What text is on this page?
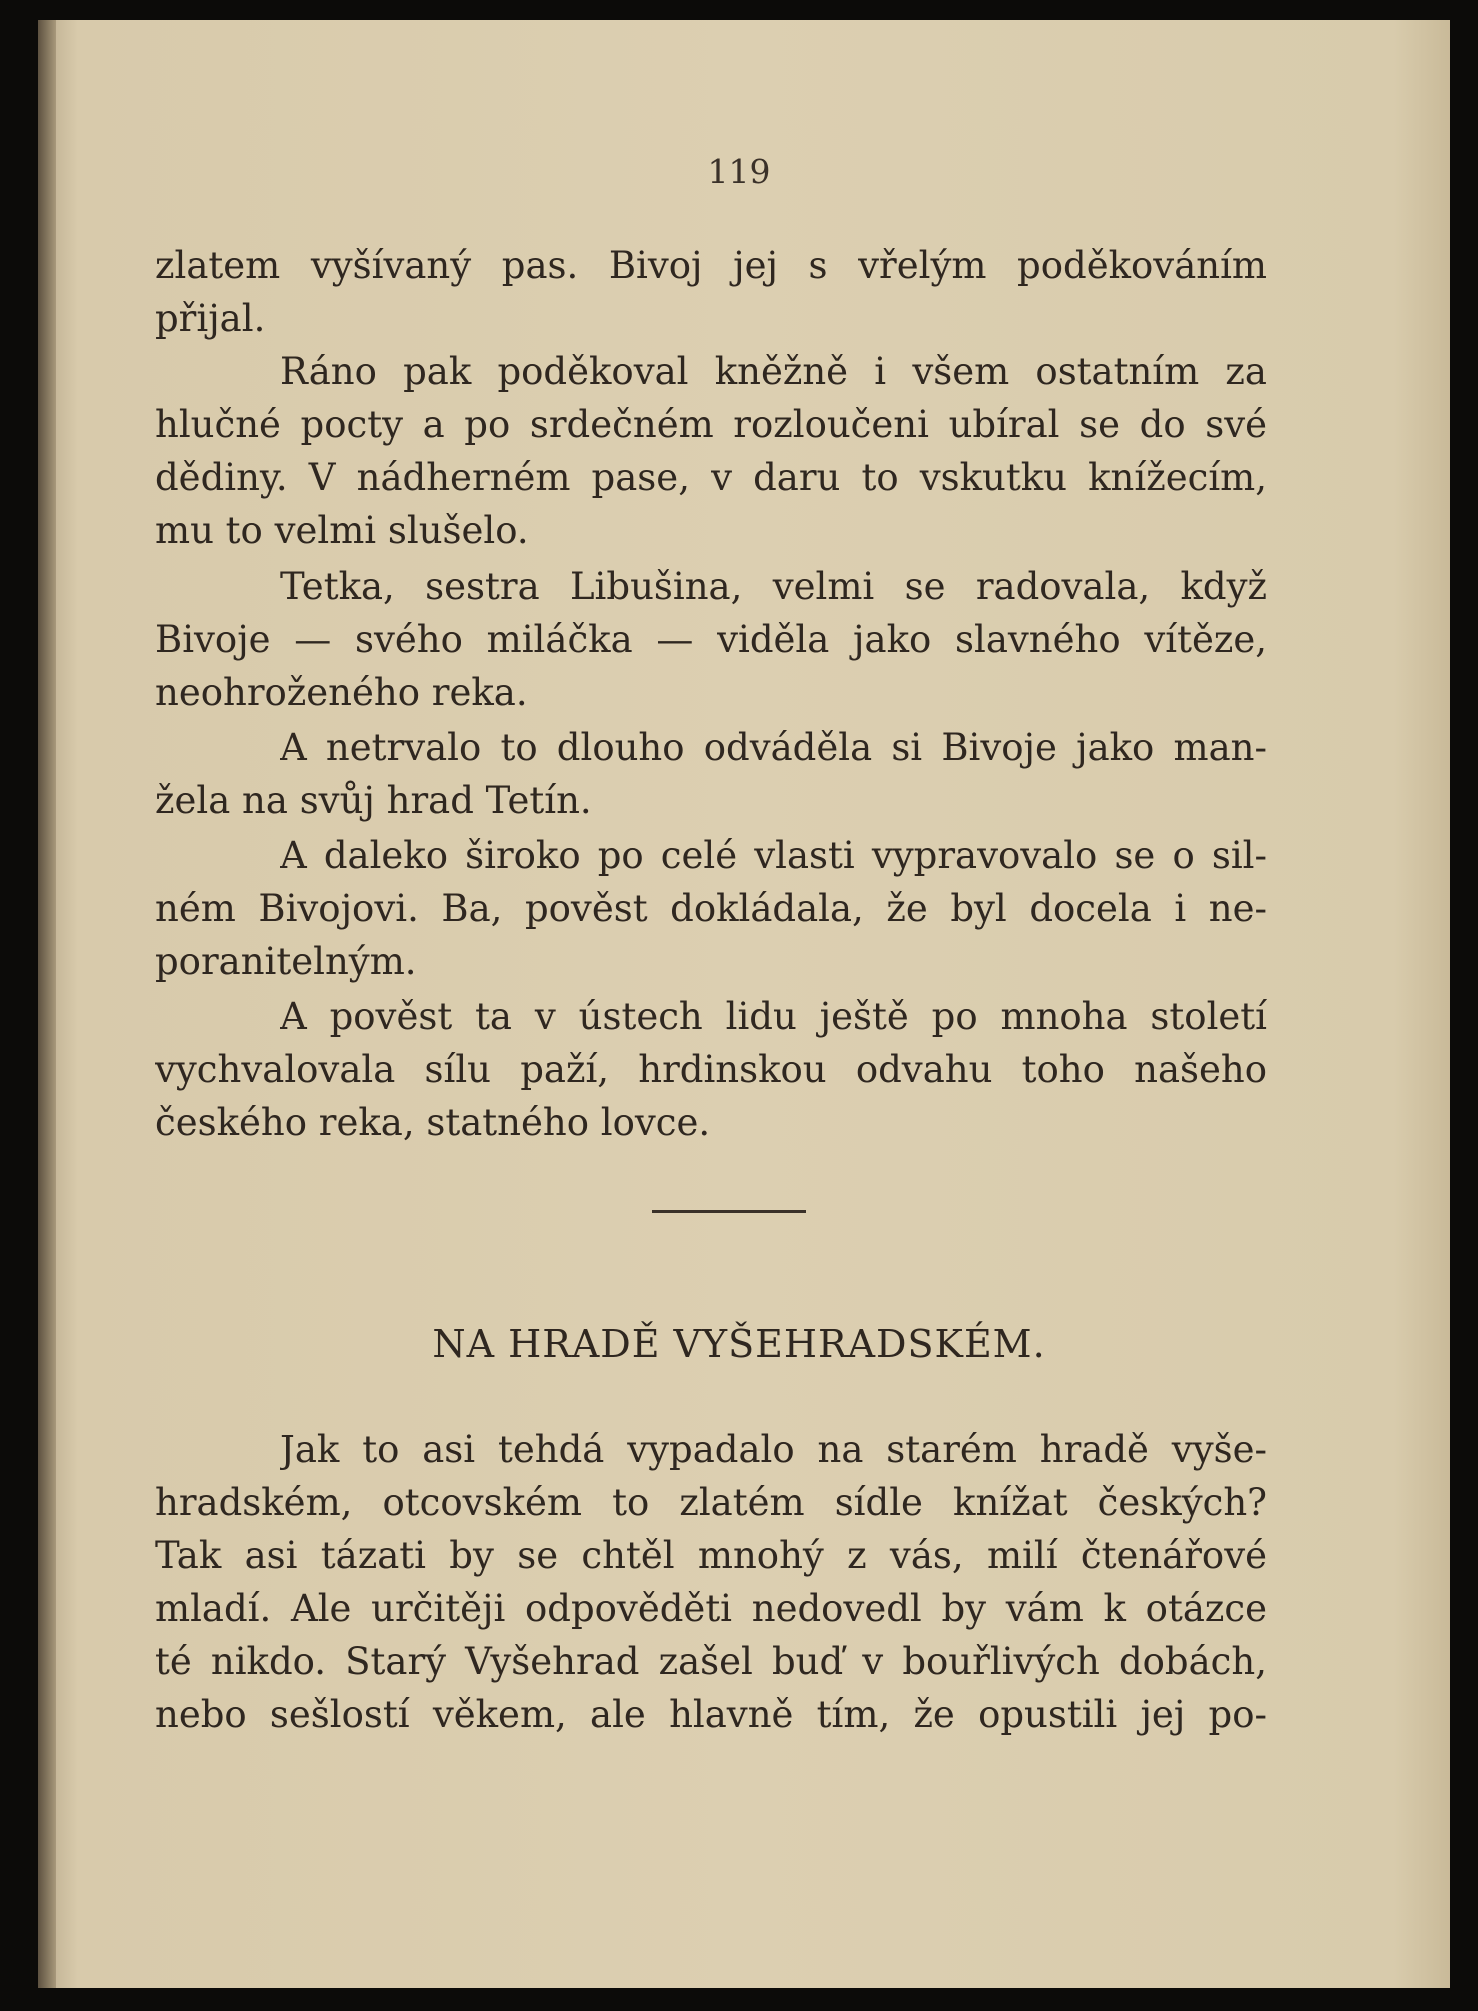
119
zlatem vyšívaný pas. Bivoj jej s vřelým poděkováním
přijal.
Ráno pak poděkoval kněžně i všem ostatním za
hlučné pocty a po srdečném rozloučeni ubíral se do své
dědiny. V nádherném pase, v daru to vskutku knížecím,
mu to velmi slušelo.
Tetka, sestra Libušina, velmi se radovala, když
Bivoje — svého miláčka — viděla jako slavného vítěze,
neohroženého reka.
A netrvalo to dlouho odváděla si Bivoje jako man-
žela na svůj hrad Tetín.
A daleko široko po celé vlasti vypravovalo se o sil-
ném Bivojovi. Ba, pověst dokládala, že byl docela i ne-
poranitelným.
A pověst ta v ústech lidu ještě po mnoha století
vychvalovala sílu paží, hrdinskou odvahu toho našeho
českého reka, statného lovce.
NA HRADĚ VYŠEHRADSKÉM.
Jak to asi tehdá vypadalo na starém hradě vyše-
hradském, otcovském to zlatém sídle knížat českých?
Tak asi tázati by se chtěl mnohý z vás, milí čtenářové
mladí. Ale určitěji odpověděti nedovedl by vám k otázce
té nikdo. Starý Vyšehrad zašel buď v bouřlivých dobách,
nebo sešlostí věkem, ale hlavně tím, že opustili jej po-
